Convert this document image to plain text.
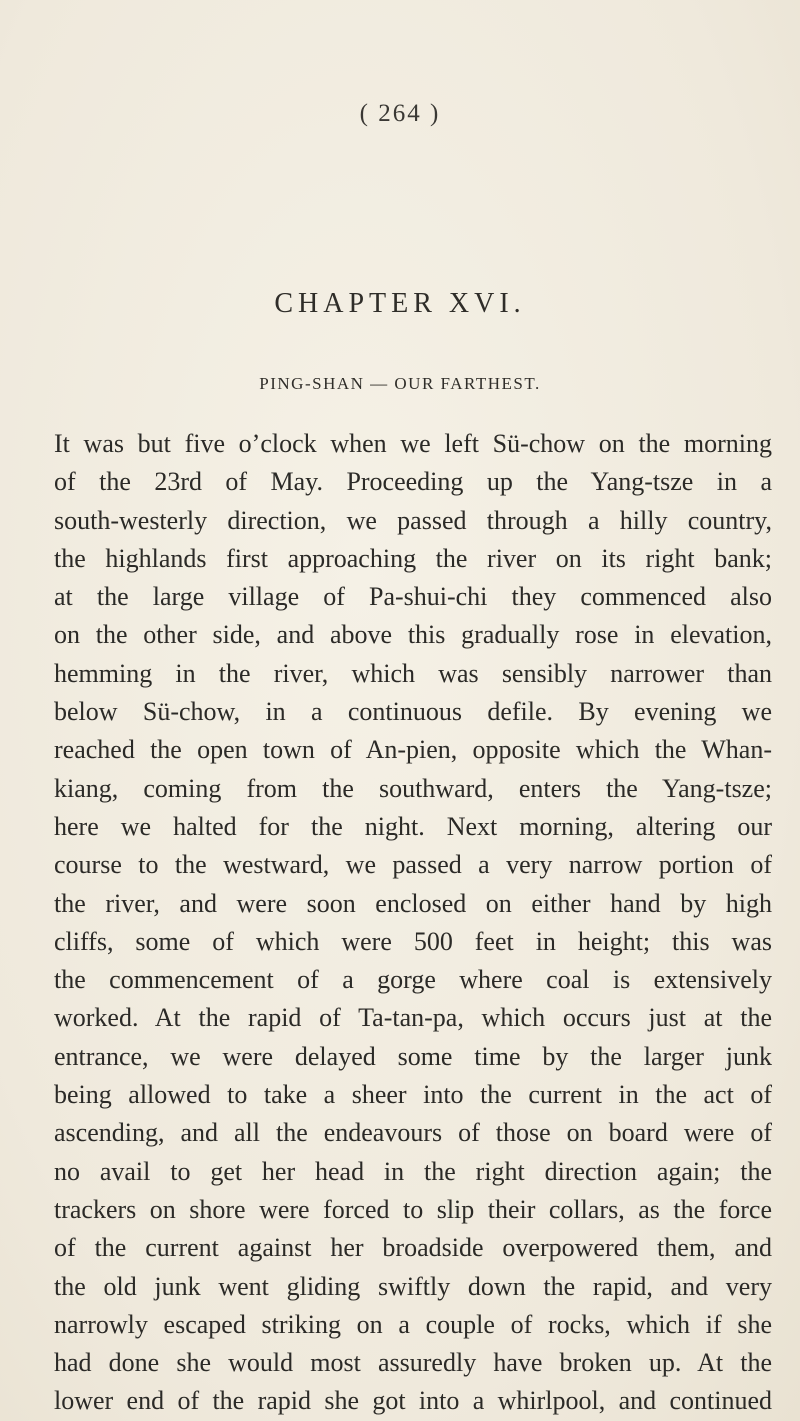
( 264 )
CHAPTER XVI.
PING-SHAN — OUR FARTHEST.
It was but five o’clock when we left Sü-chow on the morning
of the 23rd of May. Proceeding up the Yang-tsze in a
south-westerly direction, we passed through a hilly country,
the highlands first approaching the river on its right bank;
at the large village of Pa-shui-chi they commenced also
on the other side, and above this gradually rose in elevation,
hemming in the river, which was sensibly narrower than
below Sü-chow, in a continuous defile. By evening we
reached the open town of An-pien, opposite which the Whan-
kiang, coming from the southward, enters the Yang-tsze;
here we halted for the night. Next morning, altering our
course to the westward, we passed a very narrow portion of
the river, and were soon enclosed on either hand by high
cliffs, some of which were 500 feet in height; this was
the commencement of a gorge where coal is extensively
worked. At the rapid of Ta-tan-pa, which occurs just at the
entrance, we were delayed some time by the larger junk
being allowed to take a sheer into the current in the act of
ascending, and all the endeavours of those on board were of
no avail to get her head in the right direction again; the
trackers on shore were forced to slip their collars, as the force
of the current against her broadside overpowered them, and
the old junk went gliding swiftly down the rapid, and very
narrowly escaped striking on a couple of rocks, which if she
had done she would most assuredly have broken up. At the
lower end of the rapid she got into a whirlpool, and continued
